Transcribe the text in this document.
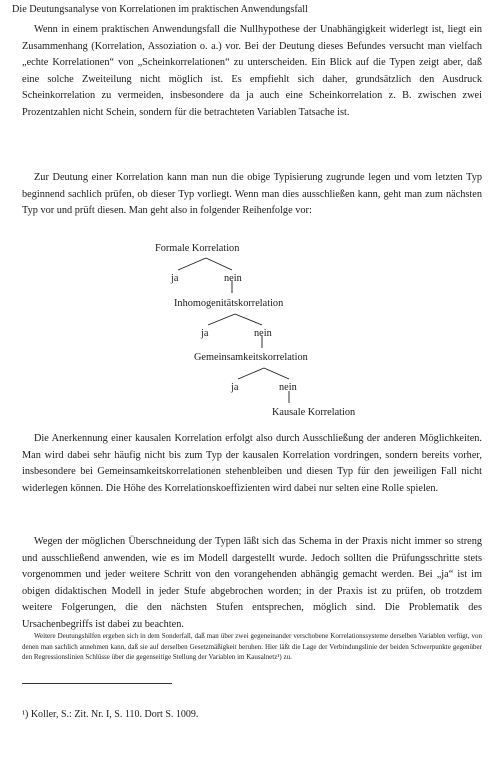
Die Deutungsanalyse von Korrelationen im praktischen Anwendungsfall

Wenn in einem praktischen Anwendungsfall die Nullhypothese der Unabhängigkeit widerlegt ist, liegt ein Zusammenhang (Korrelation, Assoziation o. a.) vor. Bei der Deutung dieses Befundes versucht man vielfach „echte Korrelationen“ von „Scheinkorrelationen“ zu unterscheiden. Ein Blick auf die Typen zeigt aber, daß eine solche Zweiteilung nicht möglich ist. Es empfiehlt sich daher, grundsätzlich den Ausdruck Scheinkorrelation zu vermeiden, insbesondere da ja auch eine Scheinkorrelation z. B. zwischen zwei Prozentzahlen nicht Schein, sondern für die betrachteten Variablen Tatsache ist.

Zur Deutung einer Korrelation kann man nun die obige Typisierung zugrunde legen und vom letzten Typ beginnend sachlich prüfen, ob dieser Typ vorliegt. Wenn man dies ausschließen kann, geht man zum nächsten Typ vor und prüft diesen. Man geht also in folgender Reihenfolge vor:

Formale Korrelation
ja	nein
Inhomogenitätskorrelation
ja	nein
Gemeinsamkeitskorrelation
ja	nein
Kausale Korrelation

Die Anerkennung einer kausalen Korrelation erfolgt also durch Ausschließung der anderen Möglichkeiten. Man wird dabei sehr häufig nicht bis zum Typ der kausalen Korrelation vordringen, sondern bereits vorher, insbesondere bei Gemeinsamkeitskorrelationen stehenbleiben und diesen Typ für den jeweiligen Fall nicht widerlegen können. Die Höhe des Korrelationskoeffizienten wird dabei nur selten eine Rolle spielen.

Wegen der möglichen Überschneidung der Typen läßt sich das Schema in der Praxis nicht immer so streng und ausschließend anwenden, wie es im Modell dargestellt wurde. Jedoch sollten die Prüfungsschritte stets vorgenommen und jeder weitere Schritt von den vorangehenden abhängig gemacht werden. Bei „ja“ ist im obigen didaktischen Modell in jeder Stufe abgebrochen worden; in der Praxis ist zu prüfen, ob trotzdem weitere Folgerungen, die den nächsten Stufen entsprechen, möglich sind. Die Problematik des Ursachenbegriffs ist dabei zu beachten.

Weitere Deutungshilfen ergeben sich in dem Sonderfall, daß man über zwei gegeneinander verschobene Korrelationssysteme derselben Variablen verfügt, von denen man sachlich annehmen kann, daß sie auf derselben Gesetzmäßigkeit beruhen. Hier läßt die Lage der Verbindungslinie der beiden Schwerpunkte gegenüber den Regressionslinien Schlüsse über die gegenseitige Stellung der Variablen im Kausalnetz¹) zu.

¹) Koller, S.: Zit. Nr. I, S. 110. Dort S. 1009.
